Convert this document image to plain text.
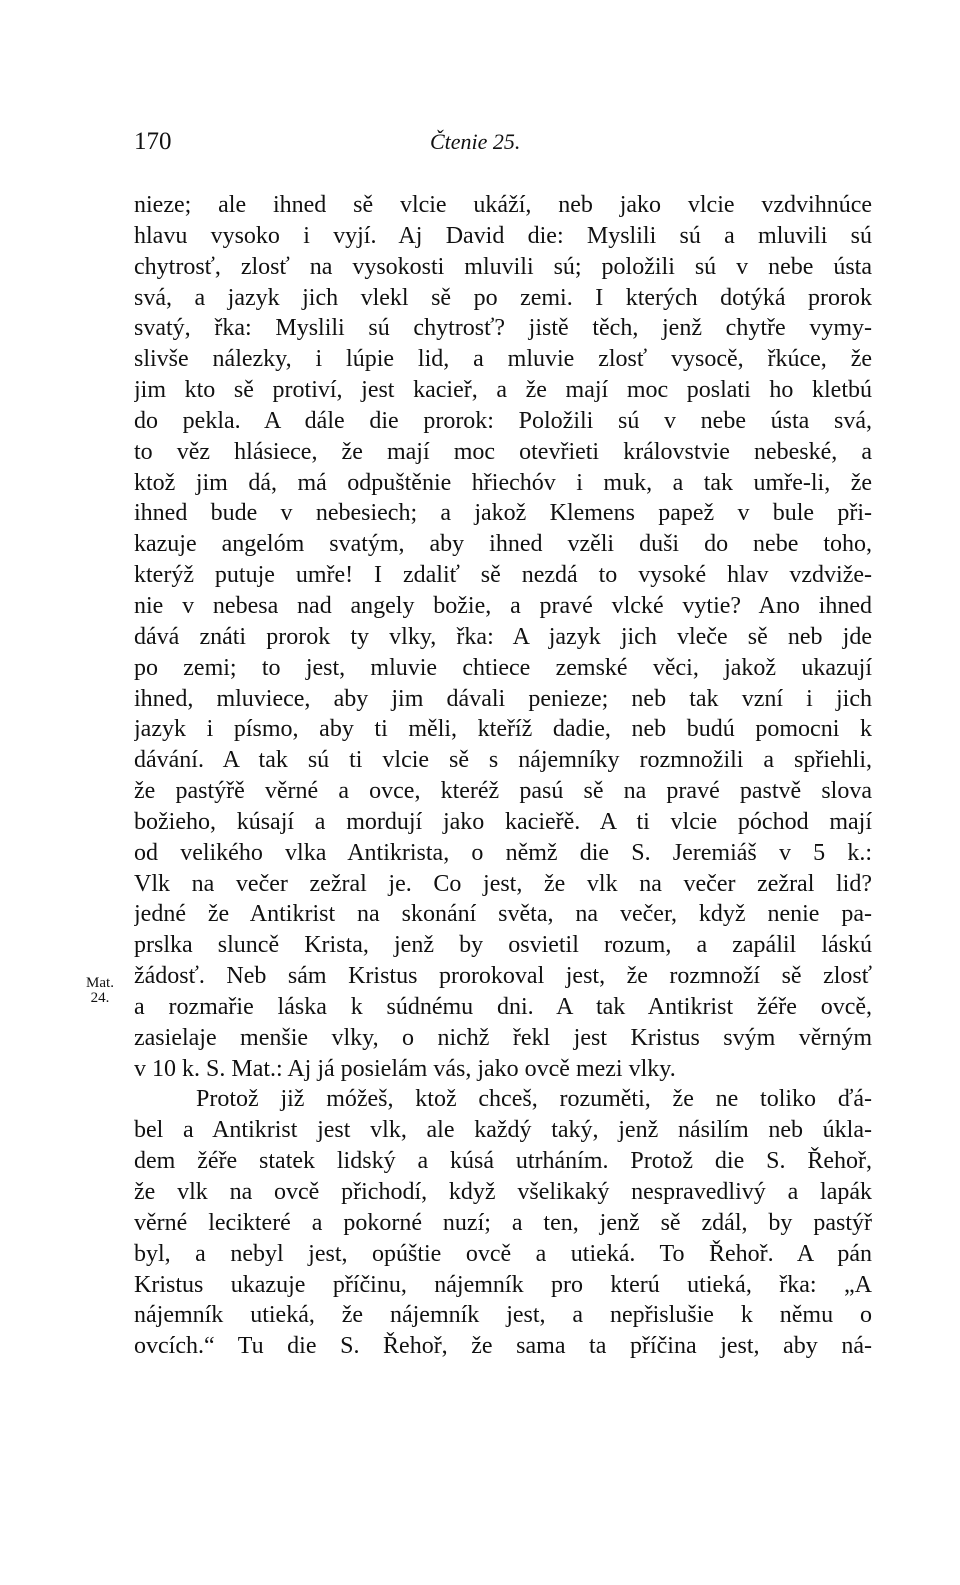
170	Čtenie 25.
Mat.
24.
nieze; ale ihned sě vlcie ukáží, neb jako vlcie vzdvihnúce
hlavu vysoko i vyjí. Aj David die: Myslili sú a mluvili sú
chytrosť, zlosť na vysokosti mluvili sú; položili sú v nebe ústa
svá, a jazyk jich vlekl sě po zemi. I kterých dotýká prorok
svatý, řka: Myslili sú chytrosť? jistě těch, jenž chytře vymy-
slivše nálezky, i lúpie lid, a mluvie zlosť vysocě, řkúce, že
jim kto sě protiví, jest kacieř, a že mají moc poslati ho kletbú
do pekla. A dále die prorok: Položili sú v nebe ústa svá,
to věz hlásiece, že mají moc otevřieti královstvie nebeské, a
ktož jim dá, má odpuštěnie hřiechóv i muk, a tak umře-li, že
ihned bude v nebesiech; a jakož Klemens papež v bule při-
kazuje angelóm svatým, aby ihned vzěli duši do nebe toho,
kterýž putuje umře! I zdaliť sě nezdá to vysoké hlav vzdviže-
nie v nebesa nad angely božie, a pravé vlcké vytie? Ano ihned
dává znáti prorok ty vlky, řka: A jazyk jich vleče sě neb jde
po zemi; to jest, mluvie chtiece zemské věci, jakož ukazují
ihned, mluviece, aby jim dávali penieze; neb tak vzní i jich
jazyk i písmo, aby ti měli, kteříž dadie, neb budú pomocni k
dávání. A tak sú ti vlcie sě s nájemníky rozmnožili a spřiehli,
že pastýřě věrné a ovce, kteréž pasú sě na pravé pastvě slova
božieho, kúsají a mordují jako kacieřě. A ti vlcie póchod mají
od velikého vlka Antikrista, o němž die S. Jeremiáš v 5 k.:
Vlk na večer zežral je. Co jest, že vlk na večer zežral lid?
jedné že Antikrist na skonání světa, na večer, když nenie pa-
prslka sluncě Krista, jenž by osvietil rozum, a zapálil láskú
žádosť. Neb sám Kristus prorokoval jest, že rozmnoží sě zlosť
a rozmařie láska k súdnému dni. A tak Antikrist žéře ovcě,
zasielaje menšie vlky, o nichž řekl jest Kristus svým věrným
v 10 k. S. Mat.: Aj já posielám vás, jako ovcě mezi vlky.
Protož již móžeš, ktož chceš, rozuměti, že ne toliko ďá-
bel a Antikrist jest vlk, ale každý taký, jenž násilím neb úkla-
dem žéře statek lidský a kúsá utrháním. Protož die S. Řehoř,
že vlk na ovcě přichodí, když všelikaký nespravedlivý a lapák
věrné lecikteré a pokorné nuzí; a ten, jenž sě zdál, by pastýř
byl, a nebyl jest, opúštie ovcě a utieká. To Řehoř. A pán
Kristus ukazuje příčinu, nájemník pro kterú utieká, řka: „A
nájemník utieká, že nájemník jest, a nepřislušie k němu o
ovcích.“ Tu die S. Řehoř, že sama ta příčina jest, aby ná-
